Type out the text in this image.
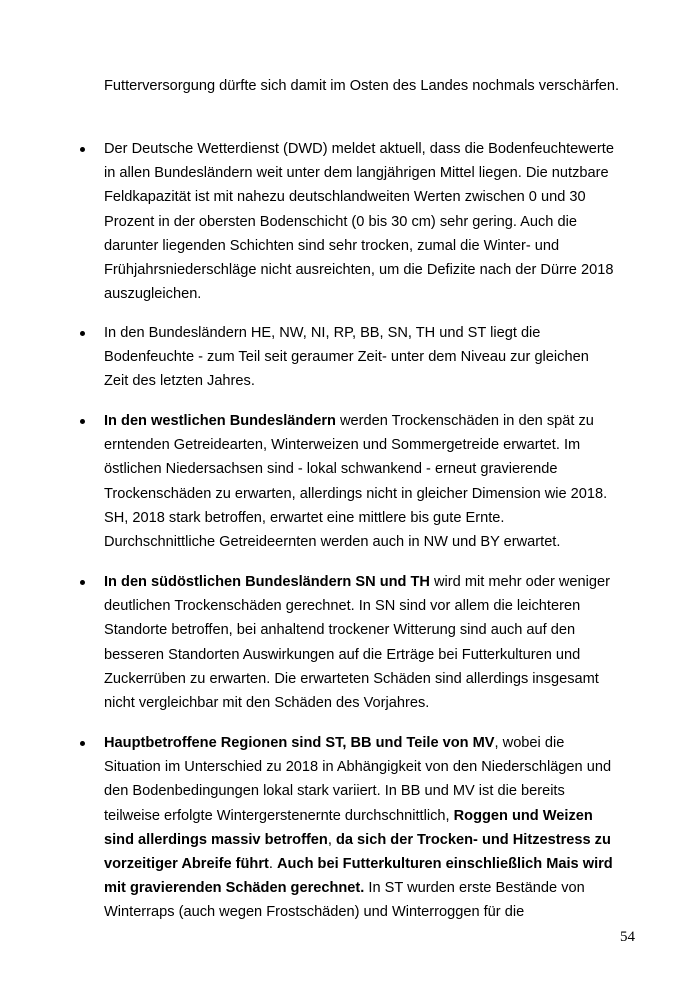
Futterversorgung dürfte sich damit im Osten des Landes nochmals verschärfen.

Der Deutsche Wetterdienst (DWD) meldet aktuell, dass die Bodenfeuchtewerte in allen Bundesländern weit unter dem langjährigen Mittel liegen. Die nutzbare Feldkapazität ist mit nahezu deutschlandweiten Werten zwischen 0 und 30 Prozent in der obersten Bodenschicht (0 bis 30 cm) sehr gering. Auch die darunter liegenden Schichten sind sehr trocken, zumal die Winter- und Frühjahrsniederschläge nicht ausreichten, um die Defizite nach der Dürre 2018 auszugleichen.
In den Bundesländern HE, NW, NI, RP, BB, SN, TH und ST liegt die Bodenfeuchte - zum Teil seit geraumer Zeit- unter dem Niveau zur gleichen Zeit des letzten Jahres.
In den westlichen Bundesländern werden Trockenschäden in den spät zu erntenden Getreidearten, Winterweizen und Sommergetreide erwartet. Im östlichen Niedersachsen sind - lokal schwankend - erneut gravierende Trockenschäden zu erwarten, allerdings nicht in gleicher Dimension wie 2018. SH, 2018 stark betroffen, erwartet eine mittlere bis gute Ernte. Durchschnittliche Getreideernten werden auch in NW und BY erwartet.
In den südöstlichen Bundesländern SN und TH wird mit mehr oder weniger deutlichen Trockenschäden gerechnet. In SN sind vor allem die leichteren Standorte betroffen, bei anhaltend trockener Witterung sind auch auf den besseren Standorten Auswirkungen auf die Erträge bei Futterkulturen und Zuckerrüben zu erwarten. Die erwarteten Schäden sind allerdings insgesamt nicht vergleichbar mit den Schäden des Vorjahres.
Hauptbetroffene Regionen sind ST, BB und Teile von MV, wobei die Situation im Unterschied zu 2018 in Abhängigkeit von den Niederschlägen und den Bodenbedingungen lokal stark variiert. In BB und MV ist die bereits teilweise erfolgte Wintergerstenernte durchschnittlich, Roggen und Weizen sind allerdings massiv betroffen, da sich der Trocken- und Hitzestress zu vorzeitiger Abreife führt. Auch bei Futterkulturen einschließlich Mais wird mit gravierenden Schäden gerechnet. In ST wurden erste Bestände von Winterraps (auch wegen Frostschäden) und Winterroggen für die
54
